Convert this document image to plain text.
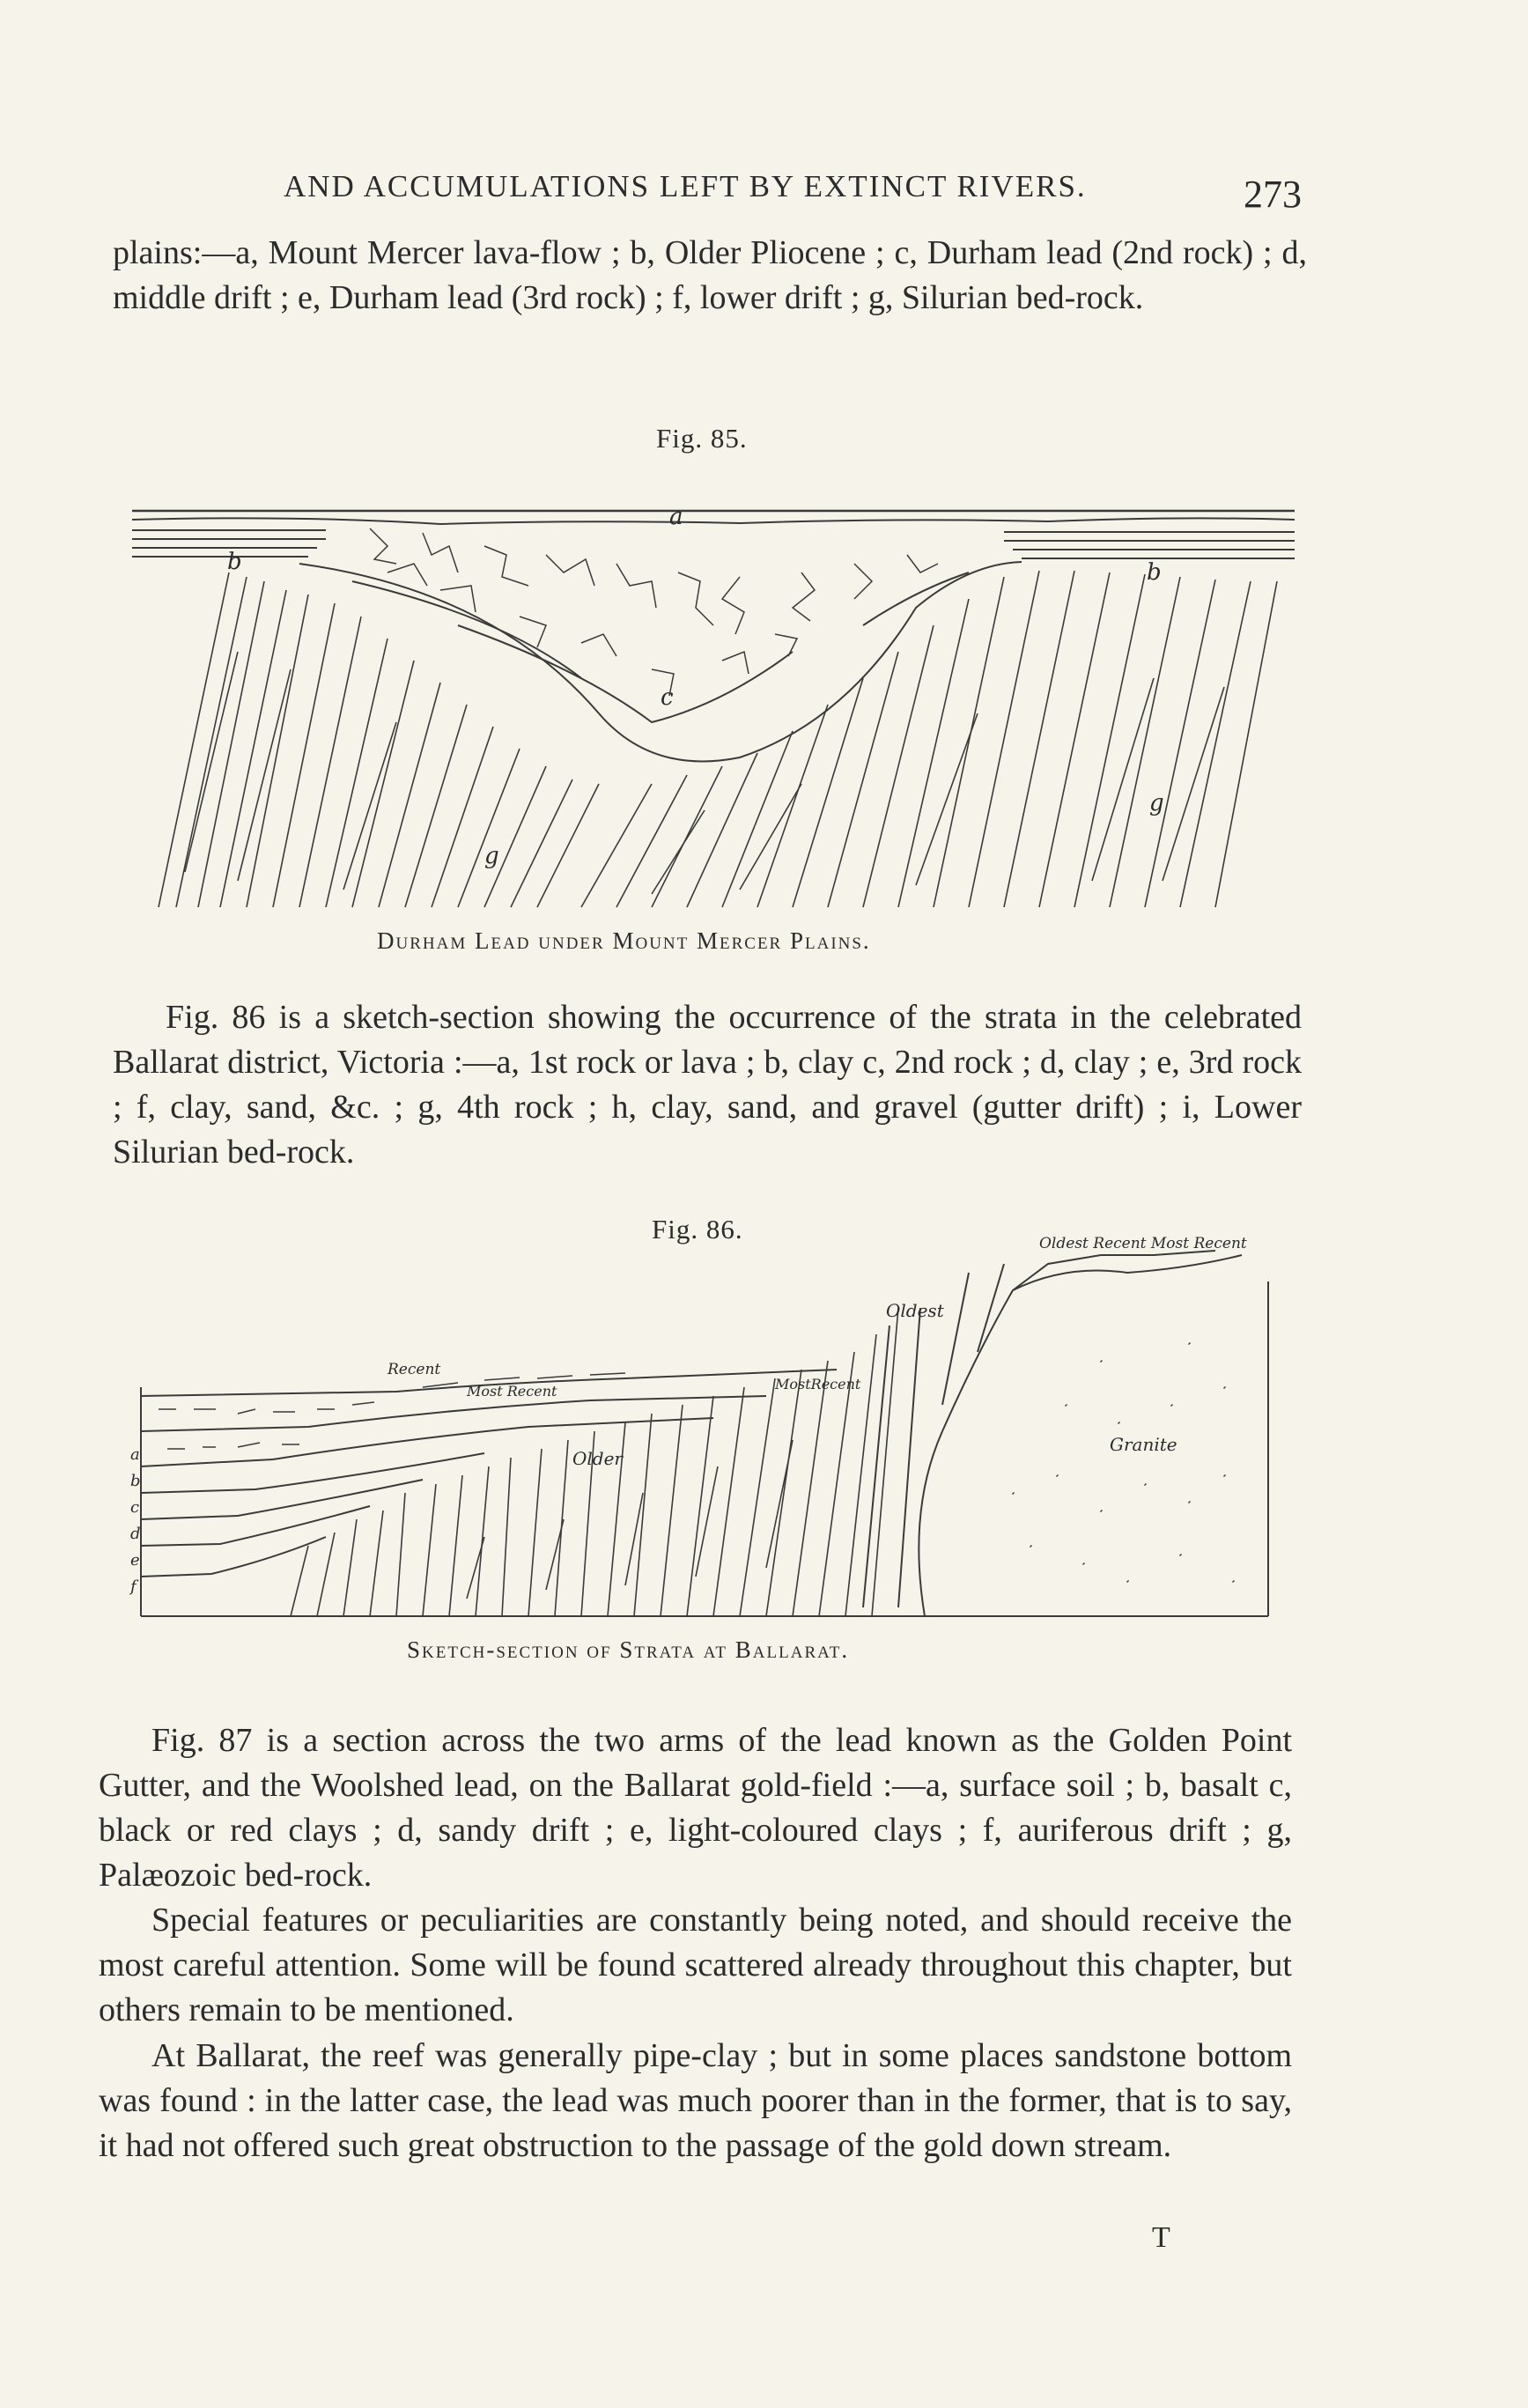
AND ACCUMULATIONS LEFT BY EXTINCT RIVERS.	273

plains:—a, Mount Mercer lava-flow ; b, Older Pliocene ; c, Durham lead (2nd rock) ; d, middle drift ; e, Durham lead (3rd rock) ; f, lower drift ; g, Silurian bed-rock.

Fig. 85.
a
b	b
c
g
g
Durham Lead under Mount Mercer Plains.

Fig. 86 is a sketch-section showing the occurrence of the strata in the celebrated Ballarat district, Victoria :—a, 1st rock or lava ; b, clay c, 2nd rock ; d, clay ; e, 3rd rock ; f, clay, sand, &c. ; g, 4th rock ; h, clay, sand, and gravel (gutter drift) ; i, Lower Silurian bed-rock.

Fig. 86.	Oldest Recent Most Recent
Oldest
Recent
Most Recent	MostRecent
Older
Granite
a
b
c
d
e
f
Sketch-section of Strata at Ballarat.

Fig. 87 is a section across the two arms of the lead known as the Golden Point Gutter, and the Woolshed lead, on the Ballarat gold-field :—a, surface soil ; b, basalt c, black or red clays ; d, sandy drift ; e, light-coloured clays ; f, auriferous drift ; g, Palæozoic bed-rock.

Special features or peculiarities are constantly being noted, and should receive the most careful attention. Some will be found scattered already throughout this chapter, but others remain to be mentioned.

At Ballarat, the reef was generally pipe-clay ; but in some places sandstone bottom was found : in the latter case, the lead was much poorer than in the former, that is to say, it had not offered such great obstruction to the passage of the gold down stream.

T
